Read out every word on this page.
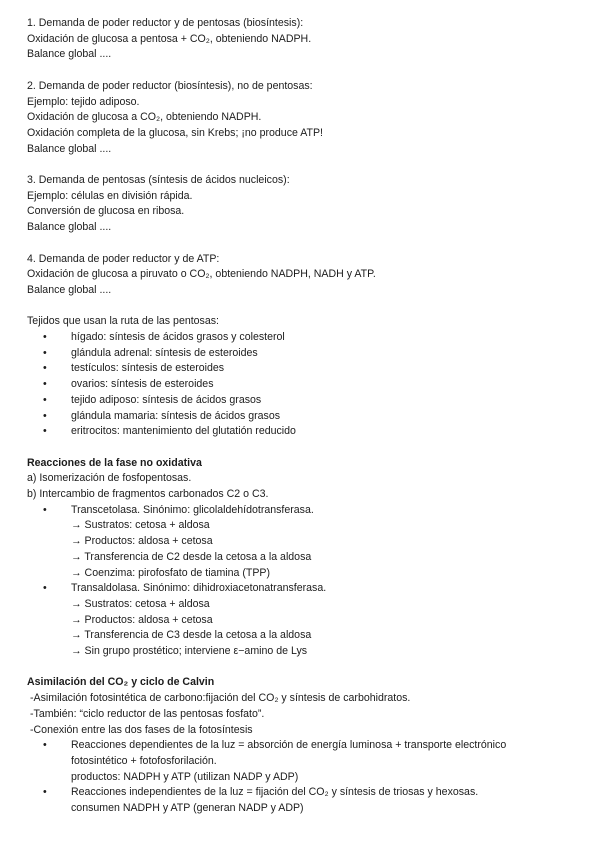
1. Demanda de poder reductor y de pentosas (biosíntesis):
Oxidación de glucosa a pentosa + CO₂, obteniendo NADPH.
Balance global ....
2. Demanda de poder reductor (biosíntesis), no de pentosas:
Ejemplo: tejido adiposo.
Oxidación de glucosa a CO₂, obteniendo NADPH.
Oxidación completa de la glucosa, sin Krebs; ¡no produce ATP!
Balance global ....
3. Demanda de pentosas (síntesis de ácidos nucleicos):
Ejemplo: células en división rápida.
Conversión de glucosa en ribosa.
Balance global ....
4. Demanda de poder reductor y de ATP:
Oxidación de glucosa a piruvato o CO₂, obteniendo NADPH, NADH y ATP.
Balance global ....
Tejidos que usan la ruta de las pentosas:
• hígado: síntesis de ácidos grasos y colesterol
• glándula adrenal: síntesis de esteroides
• testículos: síntesis de esteroides
• ovarios: síntesis de esteroides
• tejido adiposo: síntesis de ácidos grasos
• glándula mamaria: síntesis de ácidos grasos
• eritrocitos: mantenimiento del glutatión reducido
Reacciones de la fase no oxidativa
a) Isomerización de fosfopentosas.
b) Intercambio de fragmentos carbonados C2 o C3.
• Transcetolasa. Sinónimo: glicolaldehídotransferasa.
→ Sustratos: cetosa + aldosa
→ Productos: aldosa + cetosa
→ Transferencia de C2 desde la cetosa a la aldosa
→ Coenzima: pirofosfato de tiamina (TPP)
• Transaldolasa. Sinónimo: dihidroxiacetonatransferasa.
→ Sustratos: cetosa + aldosa
→ Productos: aldosa + cetosa
→ Transferencia de C3 desde la cetosa a la aldosa
→ Sin grupo prostético; interviene ε−amino de Lys
Asimilación del CO₂ y ciclo de Calvin
-Asimilación fotosintética de carbono:fijación del CO₂ y síntesis de carbohidratos.
-También: “ciclo reductor de las pentosas fosfato”.
-Conexión entre las dos fases de la fotosíntesis
• Reacciones dependientes de la luz = absorción de energía luminosa + transporte electrónico
fotosintético + fotofosforilación.
productos: NADPH y ATP (utilizan NADP y ADP)
• Reacciones independientes de la luz = fijación del CO₂ y síntesis de triosas y hexosas.
consumen NADPH y ATP (generan NADP y ADP)
